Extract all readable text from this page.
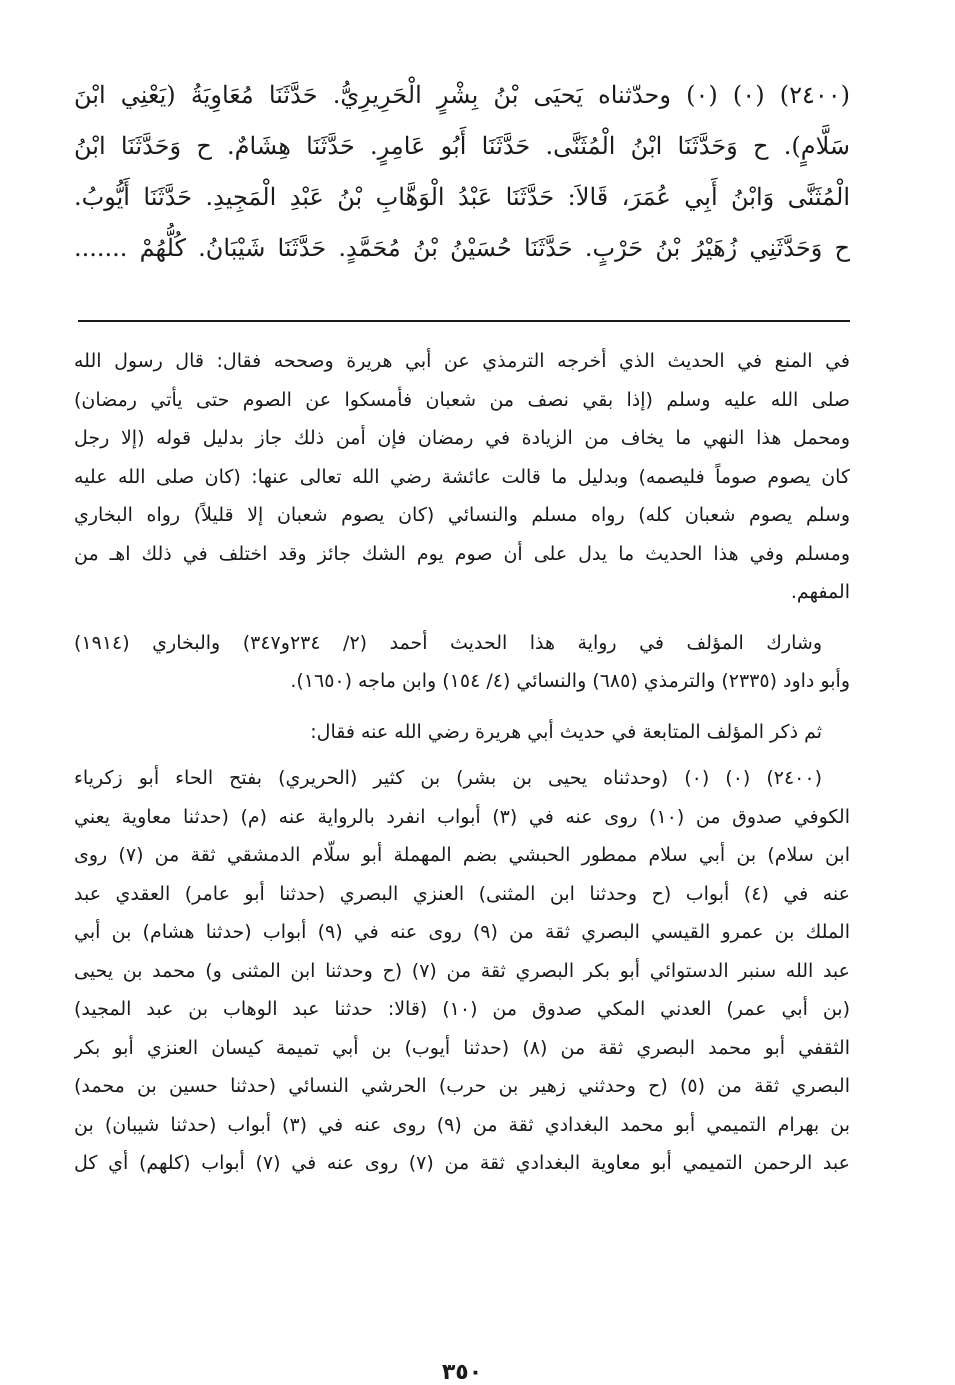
(٢٤٠٠) (٠) (٠) وحدّثناه يَحيَى بْنُ بِشْرٍ الْحَرِيرِيُّ. حَدَّثَنَا مُعَاوِيَةُ (يَعْنِي ابْنَ
سَلَّامٍ). ح وَحَدَّثَنَا ابْنُ الْمُثَنَّى. حَدَّثَنَا أَبُو عَامِرٍ. حَدَّثَنَا هِشَامٌ. ح وَحَدَّثَنَا ابْنُ
الْمُثَنَّى وَابْنُ أَبِي عُمَرَ، قَالاَ: حَدَّثَنَا عَبْدُ الْوَهَّابِ بْنُ عَبْدِ الْمَجِيدِ. حَدَّثَنَا أَيُّوبُ.
ح وَحَدَّثَنِي زُهَيْرُ بْنُ حَرْبٍ. حَدَّثَنَا حُسَيْنُ بْنُ مُحَمَّدٍ. حَدَّثَنَا شَيْبَانُ. كُلُّهُمْ .......
في المنع في الحديث الذي أخرجه الترمذي عن أبي هريرة وصححه فقال: قال رسول الله
صلى الله عليه وسلم (إذا بقي نصف من شعبان فأمسكوا عن الصوم حتى يأتي رمضان)
ومحمل هذا النهي ما يخاف من الزيادة في رمضان فإن أمن ذلك جاز بدليل قوله (إلا رجل
كان يصوم صوماً فليصمه) وبدليل ما قالت عائشة رضي الله تعالى عنها: (كان صلى الله عليه
وسلم يصوم شعبان كله) رواه مسلم والنسائي (كان يصوم شعبان إلا قليلاً) رواه البخاري
ومسلم وفي هذا الحديث ما يدل على أن صوم يوم الشك جائز وقد اختلف في ذلك اهـ من
المفهم.
وشارك المؤلف في رواية هذا الحديث أحمد (٢/ ٢٣٤و٣٤٧) والبخاري (١٩١٤)
وأبو داود (٢٣٣٥) والترمذي (٦٨٥) والنسائي (٤/ ١٥٤) وابن ماجه (١٦٥٠).
ثم ذكر المؤلف المتابعة في حديث أبي هريرة رضي الله عنه فقال:
(٢٤٠٠) (٠) (٠) (وحدثناه يحيى بن بشر) بن كثير (الحريري) بفتح الحاء أبو زكرياء
الكوفي صدوق من (١٠) روى عنه في (٣) أبواب انفرد بالرواية عنه (م) (حدثنا معاوية يعني
ابن سلام) بن أبي سلام ممطور الحبشي بضم المهملة أبو سلّام الدمشقي ثقة من (٧) روى
عنه في (٤) أبواب (ح وحدثنا ابن المثنى) العنزي البصري (حدثنا أبو عامر) العقدي عبد
الملك بن عمرو القيسي البصري ثقة من (٩) روى عنه في (٩) أبواب (حدثنا هشام) بن أبي
عبد الله سنبر الدستوائي أبو بكر البصري ثقة من (٧) (ح وحدثنا ابن المثنى و) محمد بن يحيى
(بن أبي عمر) العدني المكي صدوق من (١٠) (قالا: حدثنا عبد الوهاب بن عبد المجيد)
الثقفي أبو محمد البصري ثقة من (٨) (حدثنا أيوب) بن أبي تميمة كيسان العنزي أبو بكر
البصري ثقة من (٥) (ح وحدثني زهير بن حرب) الحرشي النسائي (حدثنا حسين بن محمد)
بن بهرام التميمي أبو محمد البغدادي ثقة من (٩) روى عنه في (٣) أبواب (حدثنا شيبان) بن
عبد الرحمن التميمي أبو معاوية البغدادي ثقة من (٧) روى عنه في (٧) أبواب (كلهم) أي كل
٣٥٠
